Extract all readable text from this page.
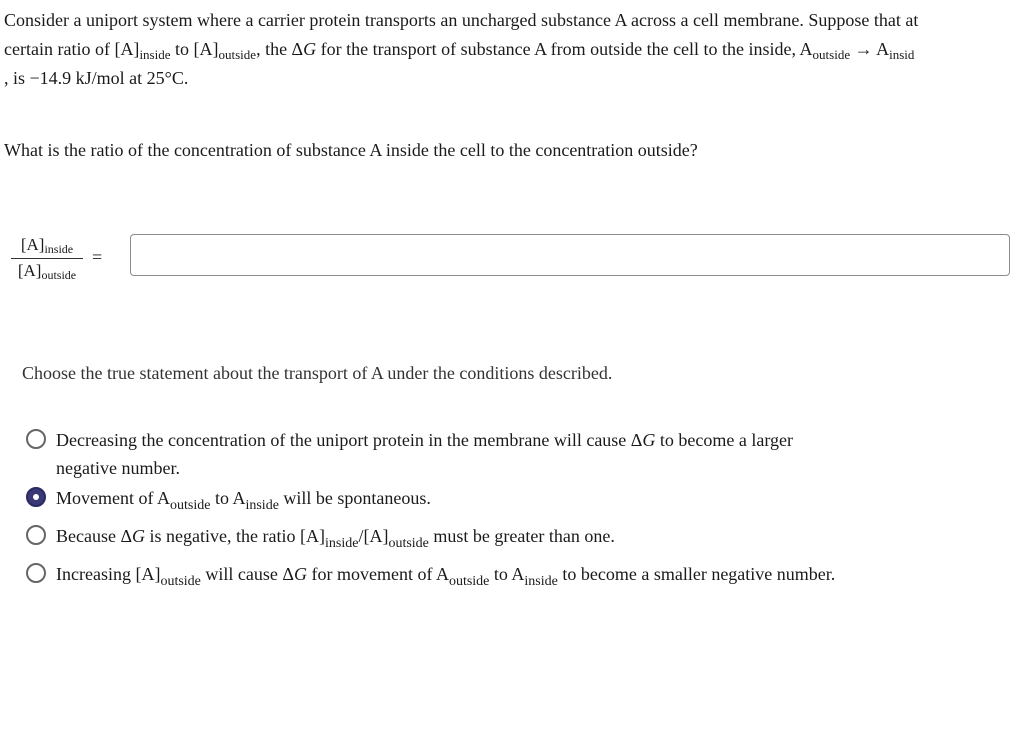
Consider a uniport system where a carrier protein transports an uncharged substance A across a cell membrane. Suppose that at
certain ratio of $[A]_{inside}$ to $[A]_{outside}$, the ΔG for the transport of substance A from outside the cell to the inside, $A_{outside} \to A_{insid}$
, is −14.9 kJ/mol at 25°C.
What is the ratio of the concentration of substance A inside the cell to the concentration outside?
$[A]_{inside}$
$[A]_{outside}$
=
Choose the true statement about the transport of A under the conditions described.
Decreasing the concentration of the uniport protein in the membrane will cause ΔG to become a larger
negative number.
Movement of $A_{outside}$ to $A_{inside}$ will be spontaneous.
Because ΔG is negative, the ratio $[A]_{inside}/[A]_{outside}$ must be greater than one.
Increasing $[A]_{outside}$ will cause ΔG for movement of $A_{outside}$ to $A_{inside}$ to become a smaller negative number.
